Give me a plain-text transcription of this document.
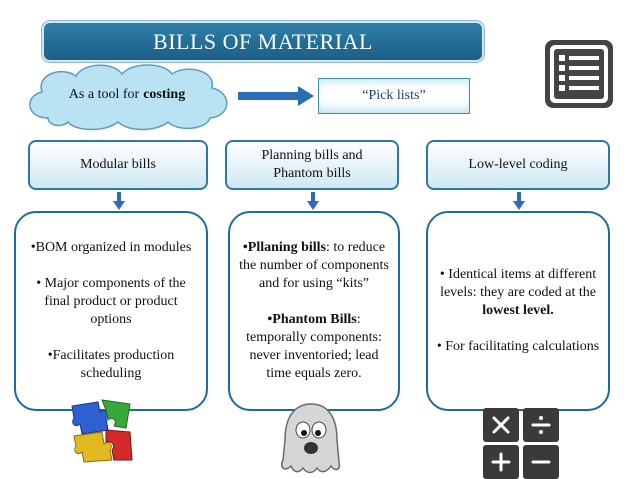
BILLS OF MATERIAL
As a tool for costing	“Pick lists”
Modular bills
Planning bills and
Phantom bills
Low-level coding

•BOM organized in modules

• Major components of the final product or product options

•Facilitates production scheduling

•Pllaning bills: to reduce the number of components and for using “kits”

•Phantom Bills: temporally components: never inventoried; lead time equals zero.

• Identical items at different levels: they are coded at the lowest level.

• For facilitating calculations
